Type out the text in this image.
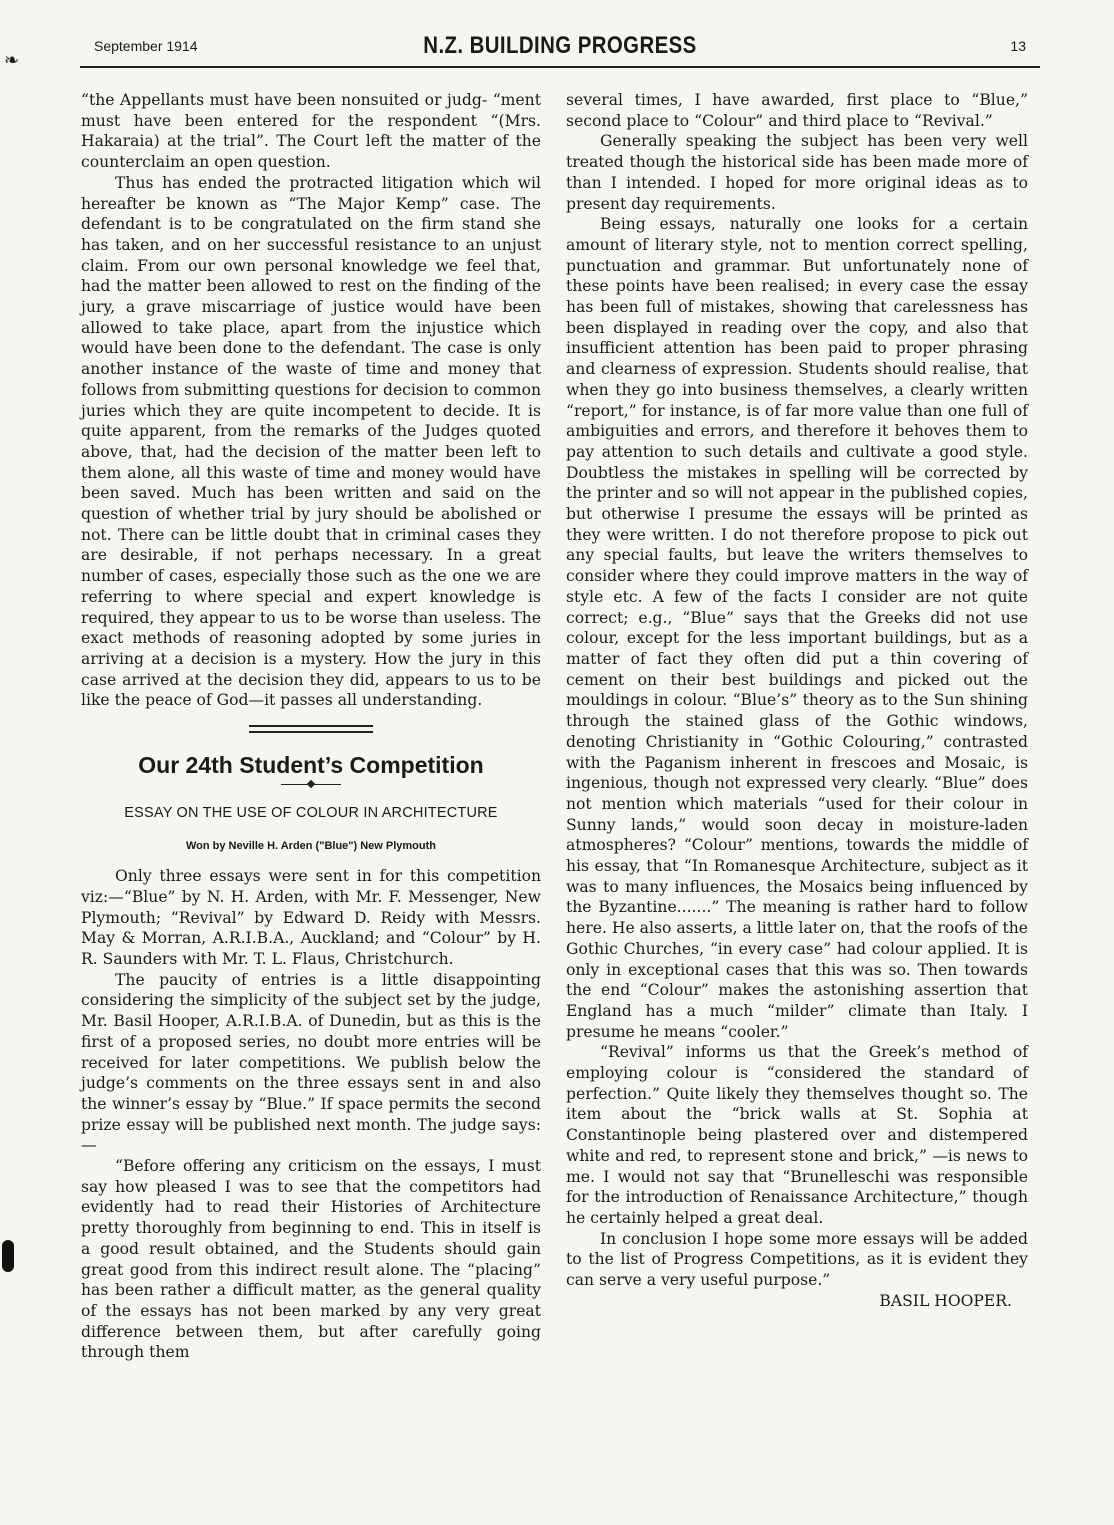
❧
September 1914	N.Z. BUILDING PROGRESS	13

“the Appellants must have been nonsuited or judg- “ment must have been entered for the respondent “(Mrs. Hakaraia) at the trial”. The Court left the matter of the counterclaim an open question.

Thus has ended the protracted litigation which wil hereafter be known as “The Major Kemp” case. The defendant is to be congratulated on the firm stand she has taken, and on her successful resistance to an unjust claim. From our own personal knowledge we feel that, had the matter been allowed to rest on the finding of the jury, a grave miscarriage of justice would have been allowed to take place, apart from the injustice which would have been done to the defendant. The case is only another instance of the waste of time and money that follows from submitting questions for decision to common juries which they are quite incompetent to decide. It is quite apparent, from the remarks of the Judges quoted above, that, had the decision of the matter been left to them alone, all this waste of time and money would have been saved. Much has been written and said on the question of whether trial by jury should be abolished or not. There can be little doubt that in criminal cases they are desirable, if not perhaps necessary. In a great number of cases, especially those such as the one we are referring to where special and expert knowledge is required, they appear to us to be worse than useless. The exact methods of reasoning adopted by some juries in arriving at a decision is a mystery. How the jury in this case arrived at the decision they did, appears to us to be like the peace of God—it passes all understanding.

Our 24th Student’s Competition
ESSAY ON THE USE OF COLOUR IN ARCHITECTURE
Won by Neville H. Arden ("Blue") New Plymouth

Only three essays were sent in for this competition viz:—“Blue” by N. H. Arden, with Mr. F. Messenger, New Plymouth; “Revival” by Edward D. Reidy with Messrs. May & Morran, A.R.I.B.A., Auckland; and “Colour” by H. R. Saunders with Mr. T. L. Flaus, Christchurch.

The paucity of entries is a little disappointing considering the simplicity of the subject set by the judge, Mr. Basil Hooper, A.R.I.B.A. of Dunedin, but as this is the first of a proposed series, no doubt more entries will be received for later competitions. We publish below the judge’s comments on the three essays sent in and also the winner’s essay by “Blue.” If space permits the second prize essay will be published next month. The judge says:—

“Before offering any criticism on the essays, I must say how pleased I was to see that the competitors had evidently had to read their Histories of Architecture pretty thoroughly from beginning to end. This in itself is a good result obtained, and the Students should gain great good from this indirect result alone. The “placing” has been rather a difficult matter, as the general quality of the essays has not been marked by any very great difference between them, but after carefully going through them

several times, I have awarded, first place to “Blue,” second place to “Colour” and third place to “Revival.”

Generally speaking the subject has been very well treated though the historical side has been made more of than I intended. I hoped for more original ideas as to present day requirements.

Being essays, naturally one looks for a certain amount of literary style, not to mention correct spelling, punctuation and grammar. But unfortunately none of these points have been realised; in every case the essay has been full of mistakes, showing that carelessness has been displayed in reading over the copy, and also that insufficient attention has been paid to proper phrasing and clearness of expression. Students should realise, that when they go into business themselves, a clearly written “report,” for instance, is of far more value than one full of ambiguities and errors, and therefore it behoves them to pay attention to such details and cultivate a good style. Doubtless the mistakes in spelling will be corrected by the printer and so will not appear in the published copies, but otherwise I presume the essays will be printed as they were written. I do not therefore propose to pick out any special faults, but leave the writers themselves to consider where they could improve matters in the way of style etc. A few of the facts I consider are not quite correct; e.g., “Blue” says that the Greeks did not use colour, except for the less important buildings, but as a matter of fact they often did put a thin covering of cement on their best buildings and picked out the mouldings in colour. “Blue’s” theory as to the Sun shining through the stained glass of the Gothic windows, denoting Christianity in “Gothic Colouring,” contrasted with the Paganism inherent in frescoes and Mosaic, is ingenious, though not expressed very clearly. “Blue” does not mention which materials “used for their colour in Sunny lands,” would soon decay in moisture-laden atmospheres? “Colour” mentions, towards the middle of his essay, that “In Romanesque Architecture, subject as it was to many influences, the Mosaics being influenced by the Byzantine.......” The meaning is rather hard to follow here. He also asserts, a little later on, that the roofs of the Gothic Churches, “in every case” had colour applied. It is only in exceptional cases that this was so. Then towards the end “Colour” makes the astonishing assertion that England has a much “milder” climate than Italy. I presume he means “cooler.”

“Revival” informs us that the Greek’s method of employing colour is “considered the standard of perfection.” Quite likely they themselves thought so. The item about the “brick walls at St. Sophia at Constantinople being plastered over and distempered white and red, to represent stone and brick,” —is news to me. I would not say that “Brunelleschi was responsible for the introduction of Renaissance Architecture,” though he certainly helped a great deal.

In conclusion I hope some more essays will be added to the list of Progress Competitions, as it is evident they can serve a very useful purpose.”

BASIL HOOPER.
